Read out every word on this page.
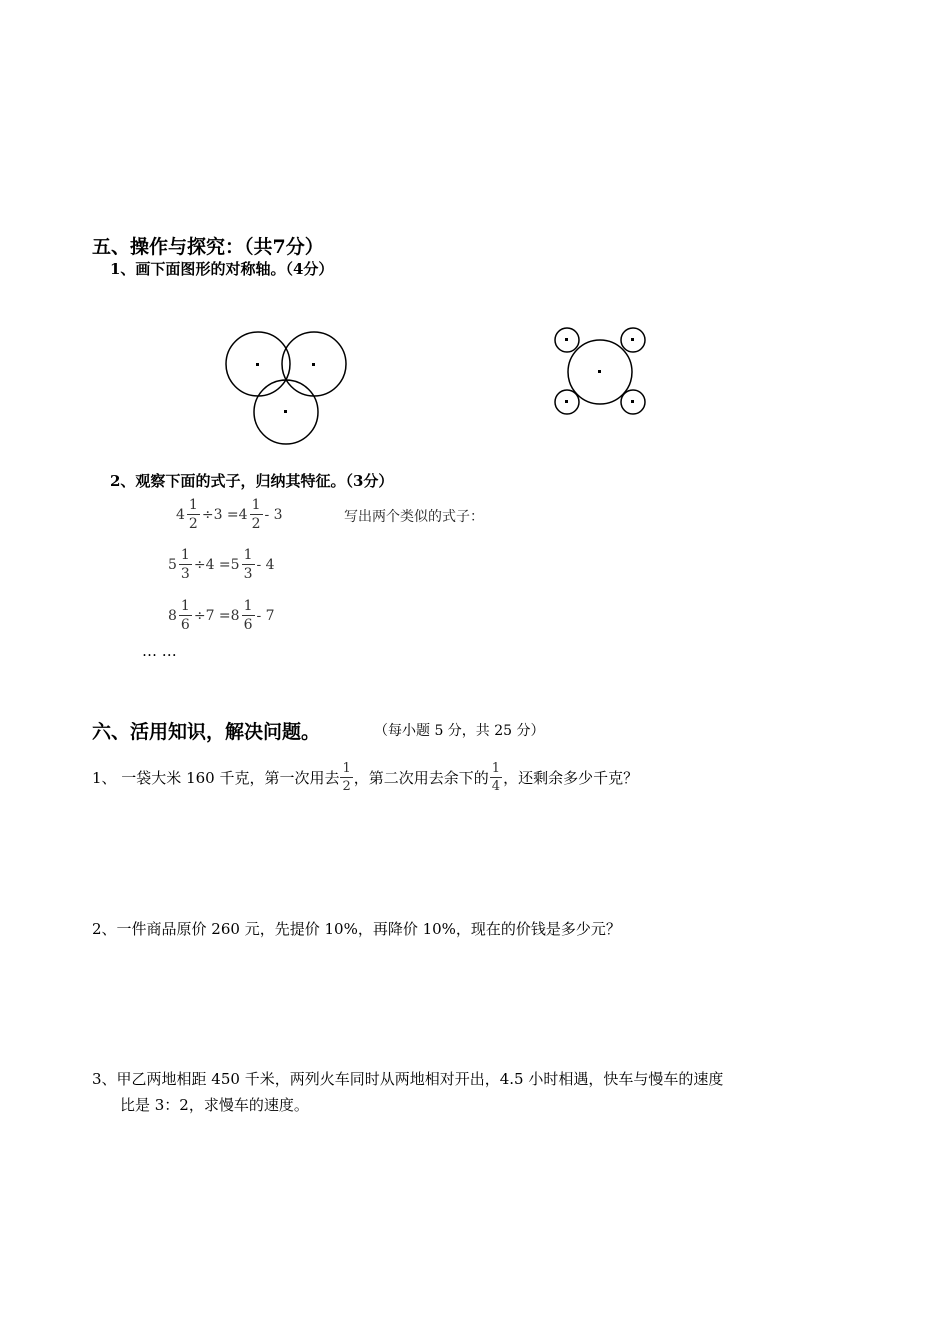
五、操作与探究：（共7分）
1、画下面图形的对称轴。（4分）
2、观察下面的式子，归纳其特征。（3分）
$4 \frac{1}{2} \div 3 =4 \frac{1}{2} - 3$	写出两个类似的式子：
$5 \frac{1}{3} \div 4 =5 \frac{1}{3} - 4$
$8 \frac{1}{6} \div 7 =8 \frac{1}{6} - 7$
… …
六、活用知识，解决问题。	（每小题 5 分，共 25 分）
1、 一袋大米 160 千克，第一次用去 $\frac{1}{2}$ ，第二次用去余下的 $\frac{1}{4}$ ，还剩余多少千克？
2、一件商品原价 260 元，先提价 10%，再降价 10%，现在的价钱是多少元？
3、甲乙两地相距 450 千米，两列火车同时从两地相对开出，4.5 小时相遇，快车与慢车的速度
比是 3：2，求慢车的速度。
